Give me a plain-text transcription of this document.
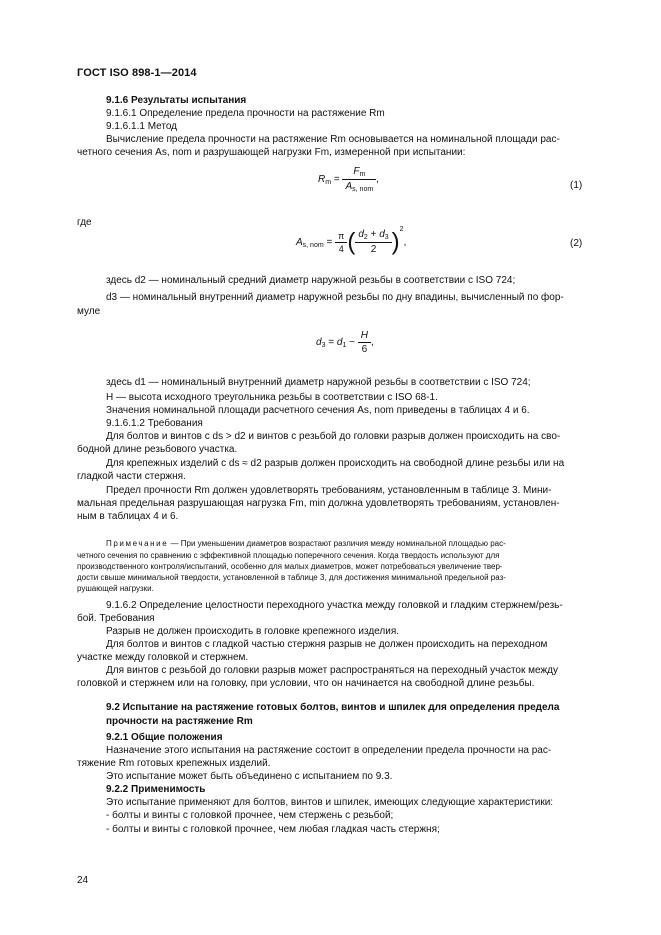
ГОСТ ISO 898-1—2014
9.1.6 Результаты испытания
9.1.6.1 Определение предела прочности на растяжение Rm
9.1.6.1.1 Метод
Вычисление предела прочности на растяжение Rm основывается на номинальной площади рас-
четного сечения As, nom и разрушающей нагрузки Fm, измеренной при испытании:
где
здесь d2 — номинальный средний диаметр наружной резьбы в соответствии с ISO 724;
d3 — номинальный внутренний диаметр наружной резьбы по дну впадины, вычисленный по фор-
муле
здесь d1 — номинальный внутренний диаметр наружной резьбы в соответствии с ISO 724;
H — высота исходного треугольника резьбы в соответствии с ISO 68-1.
Значения номинальной площади расчетного сечения As, nom приведены в таблицах 4 и 6.
9.1.6.1.2 Требования
Для болтов и винтов с ds > d2 и винтов с резьбой до головки разрыв должен происходить на сво-
бодной длине резьбового участка.
Для крепежных изделий с ds ≈ d2 разрыв должен происходить на свободной длине резьбы или на
гладкой части стержня.
Предел прочности Rm должен удовлетворять требованиям, установленным в таблице 3. Мини-
мальная предельная разрушающая нагрузка Fm, min должна удовлетворять требованиям, установлен-
ным в таблицах 4 и 6.
9.1.6.2 Определение целостности переходного участка между головкой и гладким стержнем/резь-
бой. Требования
Разрыв не должен происходить в головке крепежного изделия.
Для болтов и винтов с гладкой частью стержня разрыв не должен происходить на переходном
участке между головкой и стержнем.
Для винтов с резьбой до головки разрыв может распространяться на переходный участок между
головкой и стержнем или на головку, при условии, что он начинается на свободной длине резьбы.
9.2 Испытание на растяжение готовых болтов, винтов и шпилек для определения предела
прочности на растяжение Rm
9.2.1 Общие положения
Назначение этого испытания на растяжение состоит в определении предела прочности на рас-
тяжение Rm готовых крепежных изделий.
Это испытание может быть объединено с испытанием по 9.3.
9.2.2 Применимость
Это испытание применяют для болтов, винтов и шпилек, имеющих следующие характеристики:
- болты и винты с головкой прочнее, чем стержень с резьбой;
- болты и винты с головкой прочнее, чем любая гладкая часть стержня;
$R_m = \frac{F_m}{A_{s, nom}}$ ,
(1)
$A_{s, nom} = \frac{\pi}{4}$ ( $\frac{d_2 + d_3}{2} )^2$,	(2)
$d_3 = d_1 - \frac{H}{6}$ ,
Примечание — При уменьшении диаметров возрастают различия между номинальной площадью рас-
четного сечения по сравнению с эффективной площадью поперечного сечения. Когда твердость используют для
производственного контроля/испытаний, особенно для малых диаметров, может потребоваться увеличение твер-
дости свыше минимальной твердости, установленной в таблице 3, для достижения минимальной предельной раз-
рушающей нагрузки.
24
